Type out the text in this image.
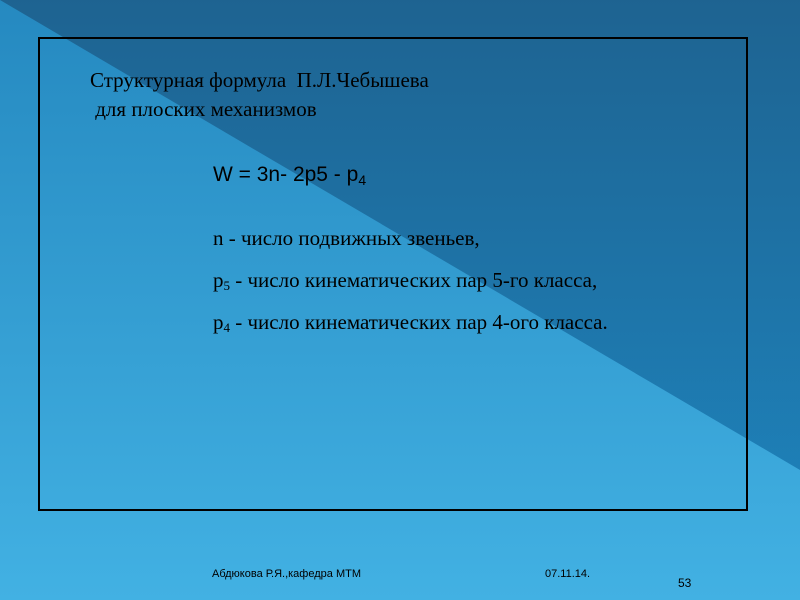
Структурная формула  П.Л.Чебышева
для плоских механизмов
W = 3n- $2p5 - p_4$
n - число подвижных звеньев,
$p_5$ - число кинематических пар 5-го класса,
$p_4$ - число кинематических пар 4-ого класса.
Абдюкова Р.Я.,кафедра МТМ	07.11.14.
53
